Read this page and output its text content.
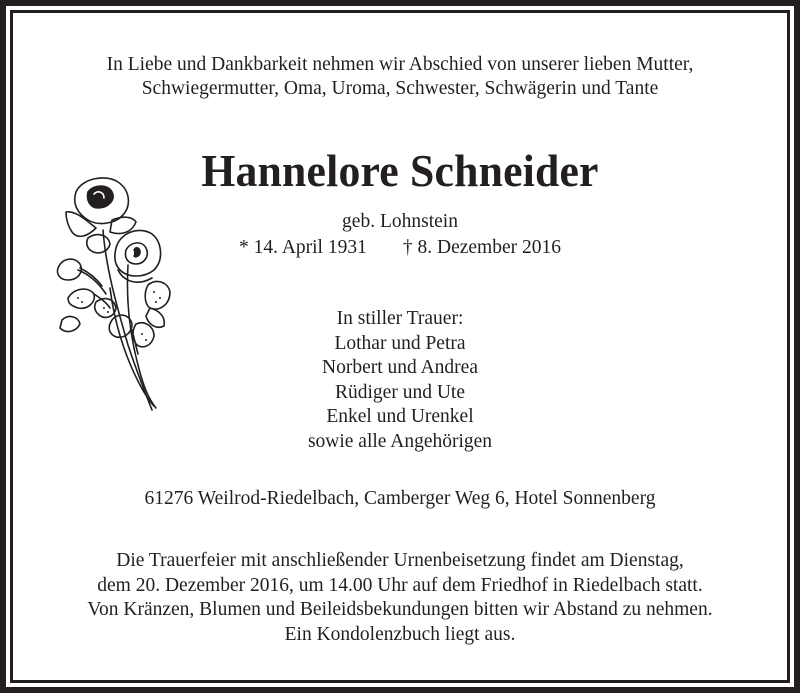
In Liebe und Dankbarkeit nehmen wir Abschied von unserer lieben Mutter,
Schwiegermutter, Oma, Uroma, Schwester, Schwägerin und Tante
Hannelore Schneider
geb. Lohnstein
* 14. April 1931 † 8. Dezember 2016
In stiller Trauer:
Lothar und Petra
Norbert und Andrea
Rüdiger und Ute
Enkel und Urenkel
sowie alle Angehörigen
61276 Weilrod-Riedelbach, Camberger Weg 6, Hotel Sonnenberg
Die Trauerfeier mit anschließender Urnenbeisetzung findet am Dienstag,
dem 20. Dezember 2016, um 14.00 Uhr auf dem Friedhof in Riedelbach statt.
Von Kränzen, Blumen und Beileidsbekundungen bitten wir Abstand zu nehmen.
Ein Kondolenzbuch liegt aus.
